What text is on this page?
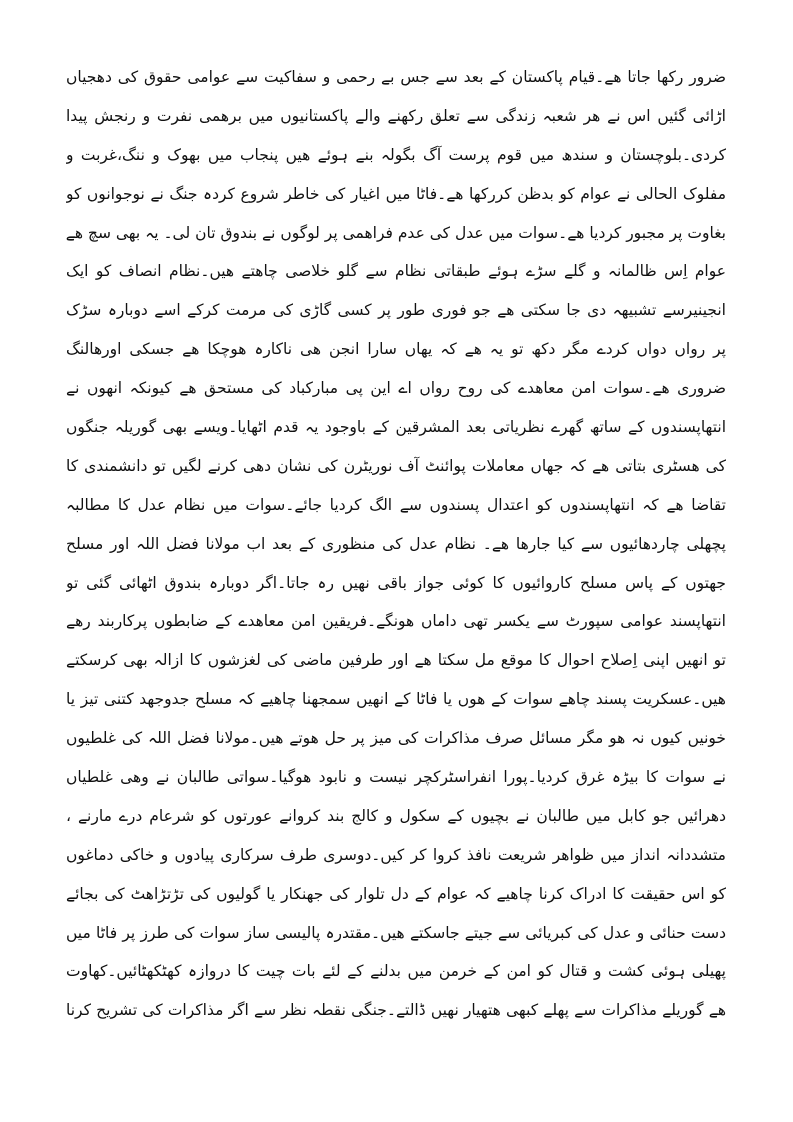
ضرور رکھا جاتا ھے۔قیام پاکستان کے بعد سے جس بے رحمی و سفاکیت سے عوامی حقوق کی دھجیاں
اڑائی گئیں اس نے ھر شعبہ زندگی سے تعلق رکھنے والے پاکستانیوں میں برھمی نفرت و رنجش پیدا
کردی۔بلوچستان و سندھ میں قوم پرست آگ بگولہ بنے ہوئے ھیں پنجاب میں بھوک و ننگ،غربت و
مفلوک الحالی نے عوام کو بدظن کررکھا ھے۔فاٹا میں اغیار کی خاطر شروع کردہ جنگ نے نوجوانوں کو
بغاوت پر مجبور کردیا ھے۔سوات میں عدل کی عدم فراھمی پر لوگوں نے بندوق تان لی۔ یہ بھی سچ ھے
عوام اِس ظالمانہ و گلے سڑے ہوئے طبقاتی نظام سے گلو خلاصی چاھتے ھیں۔نظام انصاف کو ایک
انجینیرسے تشبیھہ دی جا سکتی ھے جو فوری طور پر کسی گاڑی کی مرمت کرکے اسے دوبارہ سڑک
پر رواں دواں کردے مگر دکھ تو یہ ھے کہ یھاں سارا انجن ھی ناکارہ ھوچکا ھے جسکی اورھالنگ
ضروری ھے۔سوات امن معاھدے کی روح رواں اے این پی مبارکباد کی مستحق ھے کیونکہ انھوں نے
انتھاپسندوں کے ساتھ گھرے نظریاتی بعد المشرقین کے باوجود یہ قدم اٹھایا۔ویسے بھی گوریلہ جنگوں
کی ھسٹری بتاتی ھے کہ جھاں معاملات پوائنٹ آف نوریٹرن کی نشان دھی کرنے لگیں تو دانشمندی کا
تقاضا ھے کہ انتھاپسندوں کو اعتدال پسندوں سے الگ کردیا جائے۔سوات میں نظام عدل کا مطالبہ
پچھلی چاردھائیوں سے کیا جارھا ھے۔ نظام عدل کی منظوری کے بعد اب مولانا فضل اللہ اور مسلح
جھتوں کے پاس مسلح کاروائیوں کا کوئی جواز باقی نھیں رہ جاتا۔اگر دوبارہ بندوق اٹھائی گئی تو
انتھاپسند عوامی سپورٹ سے یکسر تھی داماں ھونگے۔فریقین امن معاھدے کے ضابطوں پرکاربند رھے
تو انھیں اپنی اِصلاح احوال کا موقع مل سکتا ھے اور طرفین ماضی کی لغزشوں کا ازالہ بھی کرسکتے
ھیں۔عسکریت پسند چاھے سوات کے ھوں یا فاٹا کے انھیں سمجھنا چاھیے کہ مسلح جدوجھد کتنی تیز یا
خونیں کیوں نہ ھو مگر مسائل صرف مذاکرات کی میز پر حل ھوتے ھیں۔مولانا فضل اللہ کی غلطیوں
نے سوات کا بیڑہ غرق کردیا۔پورا انفراسٹرکچر نیست و نابود ھوگیا۔سواتی طالبان نے وھی غلطیاں
دھرائیں جو کابل میں طالبان نے بچیوں کے سکول و کالج بند کروانے عورتوں کو شرعام درے مارنے ،
متشددانہ انداز میں ظواھر شریعت نافذ کروا کر کیں۔دوسری طرف سرکاری پیادوں و خاکی دماغوں
کو اس حقیقت کا ادراک کرنا چاھیے کہ عوام کے دل تلوار کی جھنکار یا گولیوں کی تڑتڑاھٹ کی بجائے
دست حنائی و عدل کی کبریائی سے جیتے جاسکتے ھیں۔مقتدرہ پالیسی ساز سوات کی طرز پر فاٹا میں
پھیلی ہوئی کشت و قتال کو امن کے خرمن میں بدلنے کے لئے بات چیت کا دروازہ کھٹکھٹائیں۔کھاوت
ھے گوریلے مذاکرات سے پھلے کبھی ھتھیار نھیں ڈالتے۔جنگی نقطہ نظر سے اگر مذاکرات کی تشریح کرنا
